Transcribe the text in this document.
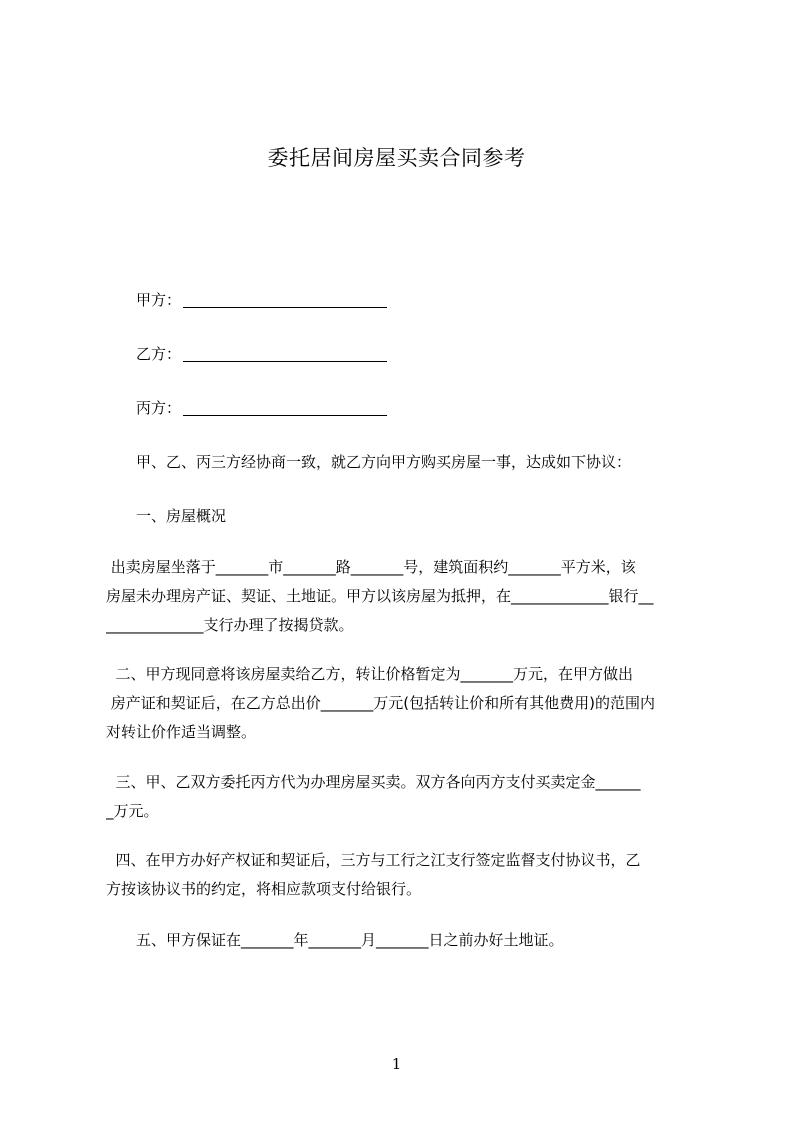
委托居间房屋买卖合同参考
甲方：
乙方：
丙方：
甲、乙、丙三方经协商一致，就乙方向甲方购买房屋一事，达成如下协议：
一、房屋概况
出卖房屋坐落于_______市_______路_______号，建筑面积约_______平方米，该
房屋未办理房产证、契证、土地证。甲方以该房屋为抵押，在_____________银行__
_____________支行办理了按揭贷款。
二、甲方现同意将该房屋卖给乙方，转让价格暂定为_______万元，在甲方做出
房产证和契证后，在乙方总出价_______万元(包括转让价和所有其他费用)的范围内
对转让价作适当调整。
三、甲、乙双方委托丙方代为办理房屋买卖。双方各向丙方支付买卖定金______
_万元。
四、在甲方办好产权证和契证后，三方与工行之江支行签定监督支付协议书，乙
方按该协议书的约定，将相应款项支付给银行。
五、甲方保证在_______年_______月_______日之前办好土地证。
1
